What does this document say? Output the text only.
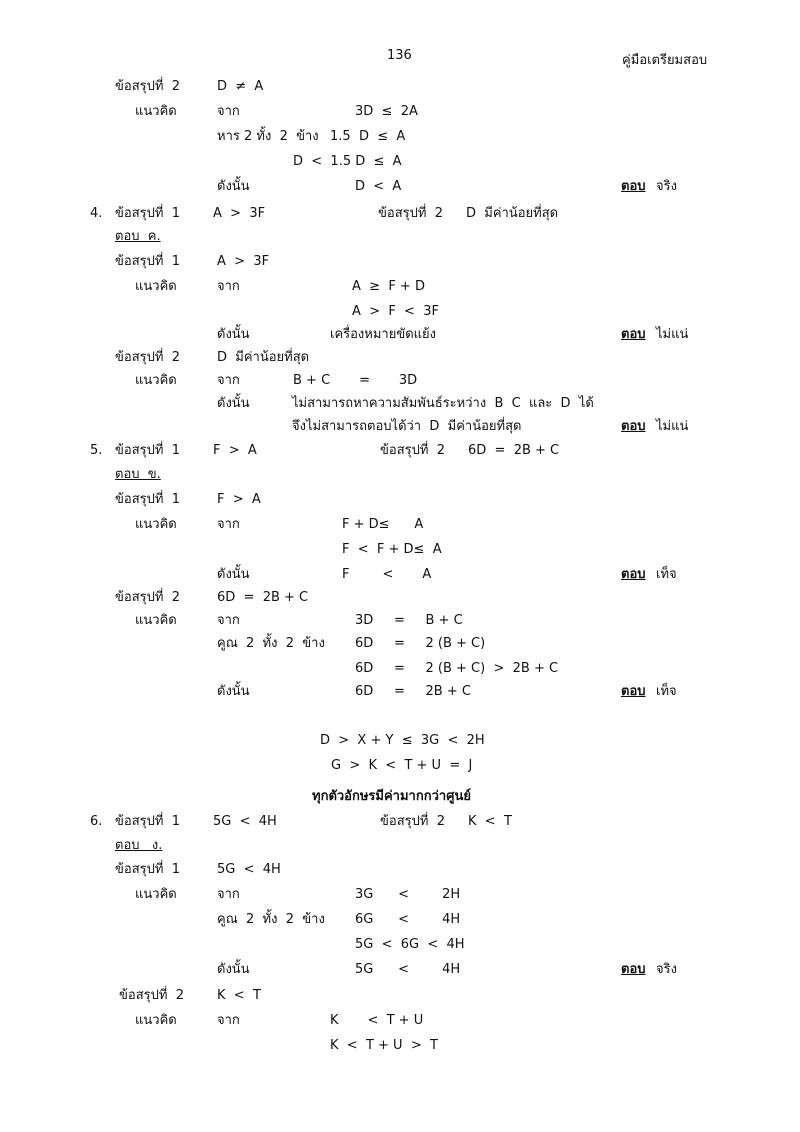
136	คู่มือเตรียมสอบ
ข้อสรุปที่  2	D  ≠  A
แนวคิด	จาก	3D  ≤  2A
หาร 2 ทั้ง  2  ข้าง 1.5  D  ≤  A
D  <  1.5 D  ≤  A
ดังนั้น	D  <  A	ตอบ จริง
4. ข้อสรุปที่  1	A  >  3F	ข้อสรุปที่  2 D  มีค่าน้อยที่สุด
ตอบ  ค.
ข้อสรุปที่  1	A  >  3F
แนวคิด	จาก	A  ≥  F + D
A  >  F  <  3F
ดังนั้น	เครื่องหมายขัดแย้ง	ตอบ ไม่แน่
ข้อสรุปที่  2	D  มีค่าน้อยที่สุด
แนวคิด	จาก	B + C       =       3D
ดังนั้น	ไม่สามารถหาความสัมพันธ์ระหว่าง  B  C  และ  D  ได้
จึงไม่สามารถตอบได้ว่า  D  มีค่าน้อยที่สุด	ตอบ ไม่แน่
5. ข้อสรุปที่  1	F  >  A	ข้อสรุปที่  2 6D  =  2B + C
ตอบ  ข.
ข้อสรุปที่  1	F  >  A
แนวคิด	จาก	F + D≤      A
F  <  F + D≤  A
ดังนั้น	F        <       A	ตอบ เท็จ
ข้อสรุปที่  2	6D  =  2B + C
แนวคิด	จาก	3D     =     B + C
คูณ  2  ทั้ง  2  ข้าง 6D     =     2 (B + C)
6D     =     2 (B + C)  >  2B + C
ดังนั้น	6D     =     2B + C	ตอบ เท็จ
D  >  X + Y  ≤  3G  <  2H
G  >  K  <  T + U  =  J
ทุกตัวอักษรมีค่ามากกว่าศูนย์
6. ข้อสรุปที่  1	5G  <  4H	ข้อสรุปที่  2 K  <  T
ตอบ   ง.
ข้อสรุปที่  1	5G  <  4H
แนวคิด	จาก	3G      <        2H
คูณ  2  ทั้ง  2  ข้าง 6G      <        4H
5G  <  6G  <  4H
ดังนั้น	5G      <        4H	ตอบ จริง
ข้อสรุปที่  2	K  <  T
แนวคิด	จาก	K       <  T + U
K  <  T + U  >  T
